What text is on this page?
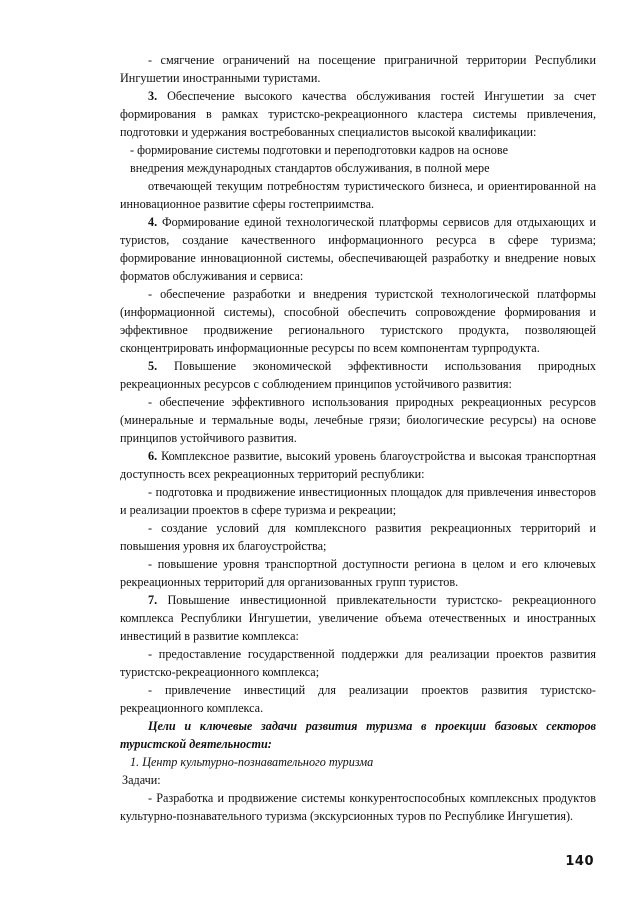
- смягчение ограничений на посещение приграничной территории Республики Ингушетии иностранными туристами.

3. Обеспечение высокого качества обслуживания гостей Ингушетии за счет формирования в рамках туристско-рекреационного кластера системы привлечения, подготовки и удержания востребованных специалистов высокой квалификации:

- формирование системы подготовки и переподготовки кадров на основе

внедрения международных стандартов обслуживания, в полной мере

отвечающей текущим потребностям туристического бизнеса, и ориентированной на инновационное развитие сферы гостеприимства.

4. Формирование единой технологической платформы сервисов для отдыхающих и туристов, создание качественного информационного ресурса в сфере туризма; формирование инновационной системы, обеспечивающей разработку и внедрение новых форматов обслуживания и сервиса:

- обеспечение разработки и внедрения туристской технологической платформы (информационной системы), способной обеспечить сопровождение формирования и эффективное продвижение регионального туристского продукта, позволяющей сконцентрировать информационные ресурсы по всем компонентам турпродукта.

5. Повышение экономической эффективности использования природных рекреационных ресурсов с соблюдением принципов устойчивого развития:

- обеспечение эффективного использования природных рекреационных ресурсов (минеральные и термальные воды, лечебные грязи; биологические ресурсы) на основе принципов устойчивого развития.

6. Комплексное развитие, высокий уровень благоустройства и высокая транспортная доступность всех рекреационных территорий республики:

- подготовка и продвижение инвестиционных площадок для привлечения инвесторов и реализации проектов в сфере туризма и рекреации;

- создание условий для комплексного развития рекреационных территорий и повышения уровня их благоустройства;

- повышение уровня транспортной доступности региона в целом и его ключевых рекреационных территорий для организованных групп туристов.

7. Повышение инвестиционной привлекательности туристско- рекреационного комплекса Республики Ингушетии, увеличение объема отечественных и иностранных инвестиций в развитие комплекса:

- предоставление государственной поддержки для реализации проектов развития туристско-рекреационного комплекса;

- привлечение инвестиций для реализации проектов развития туристско-рекреационного комплекса.

Цели и ключевые задачи развития туризма в проекции базовых секторов туристской деятельности:

1. Центр культурно-познавательного туризма

Задачи:

- Разработка и продвижение системы конкурентоспособных комплексных продуктов культурно-познавательного туризма (экскурсионных туров по Республике Ингушетия).

140
